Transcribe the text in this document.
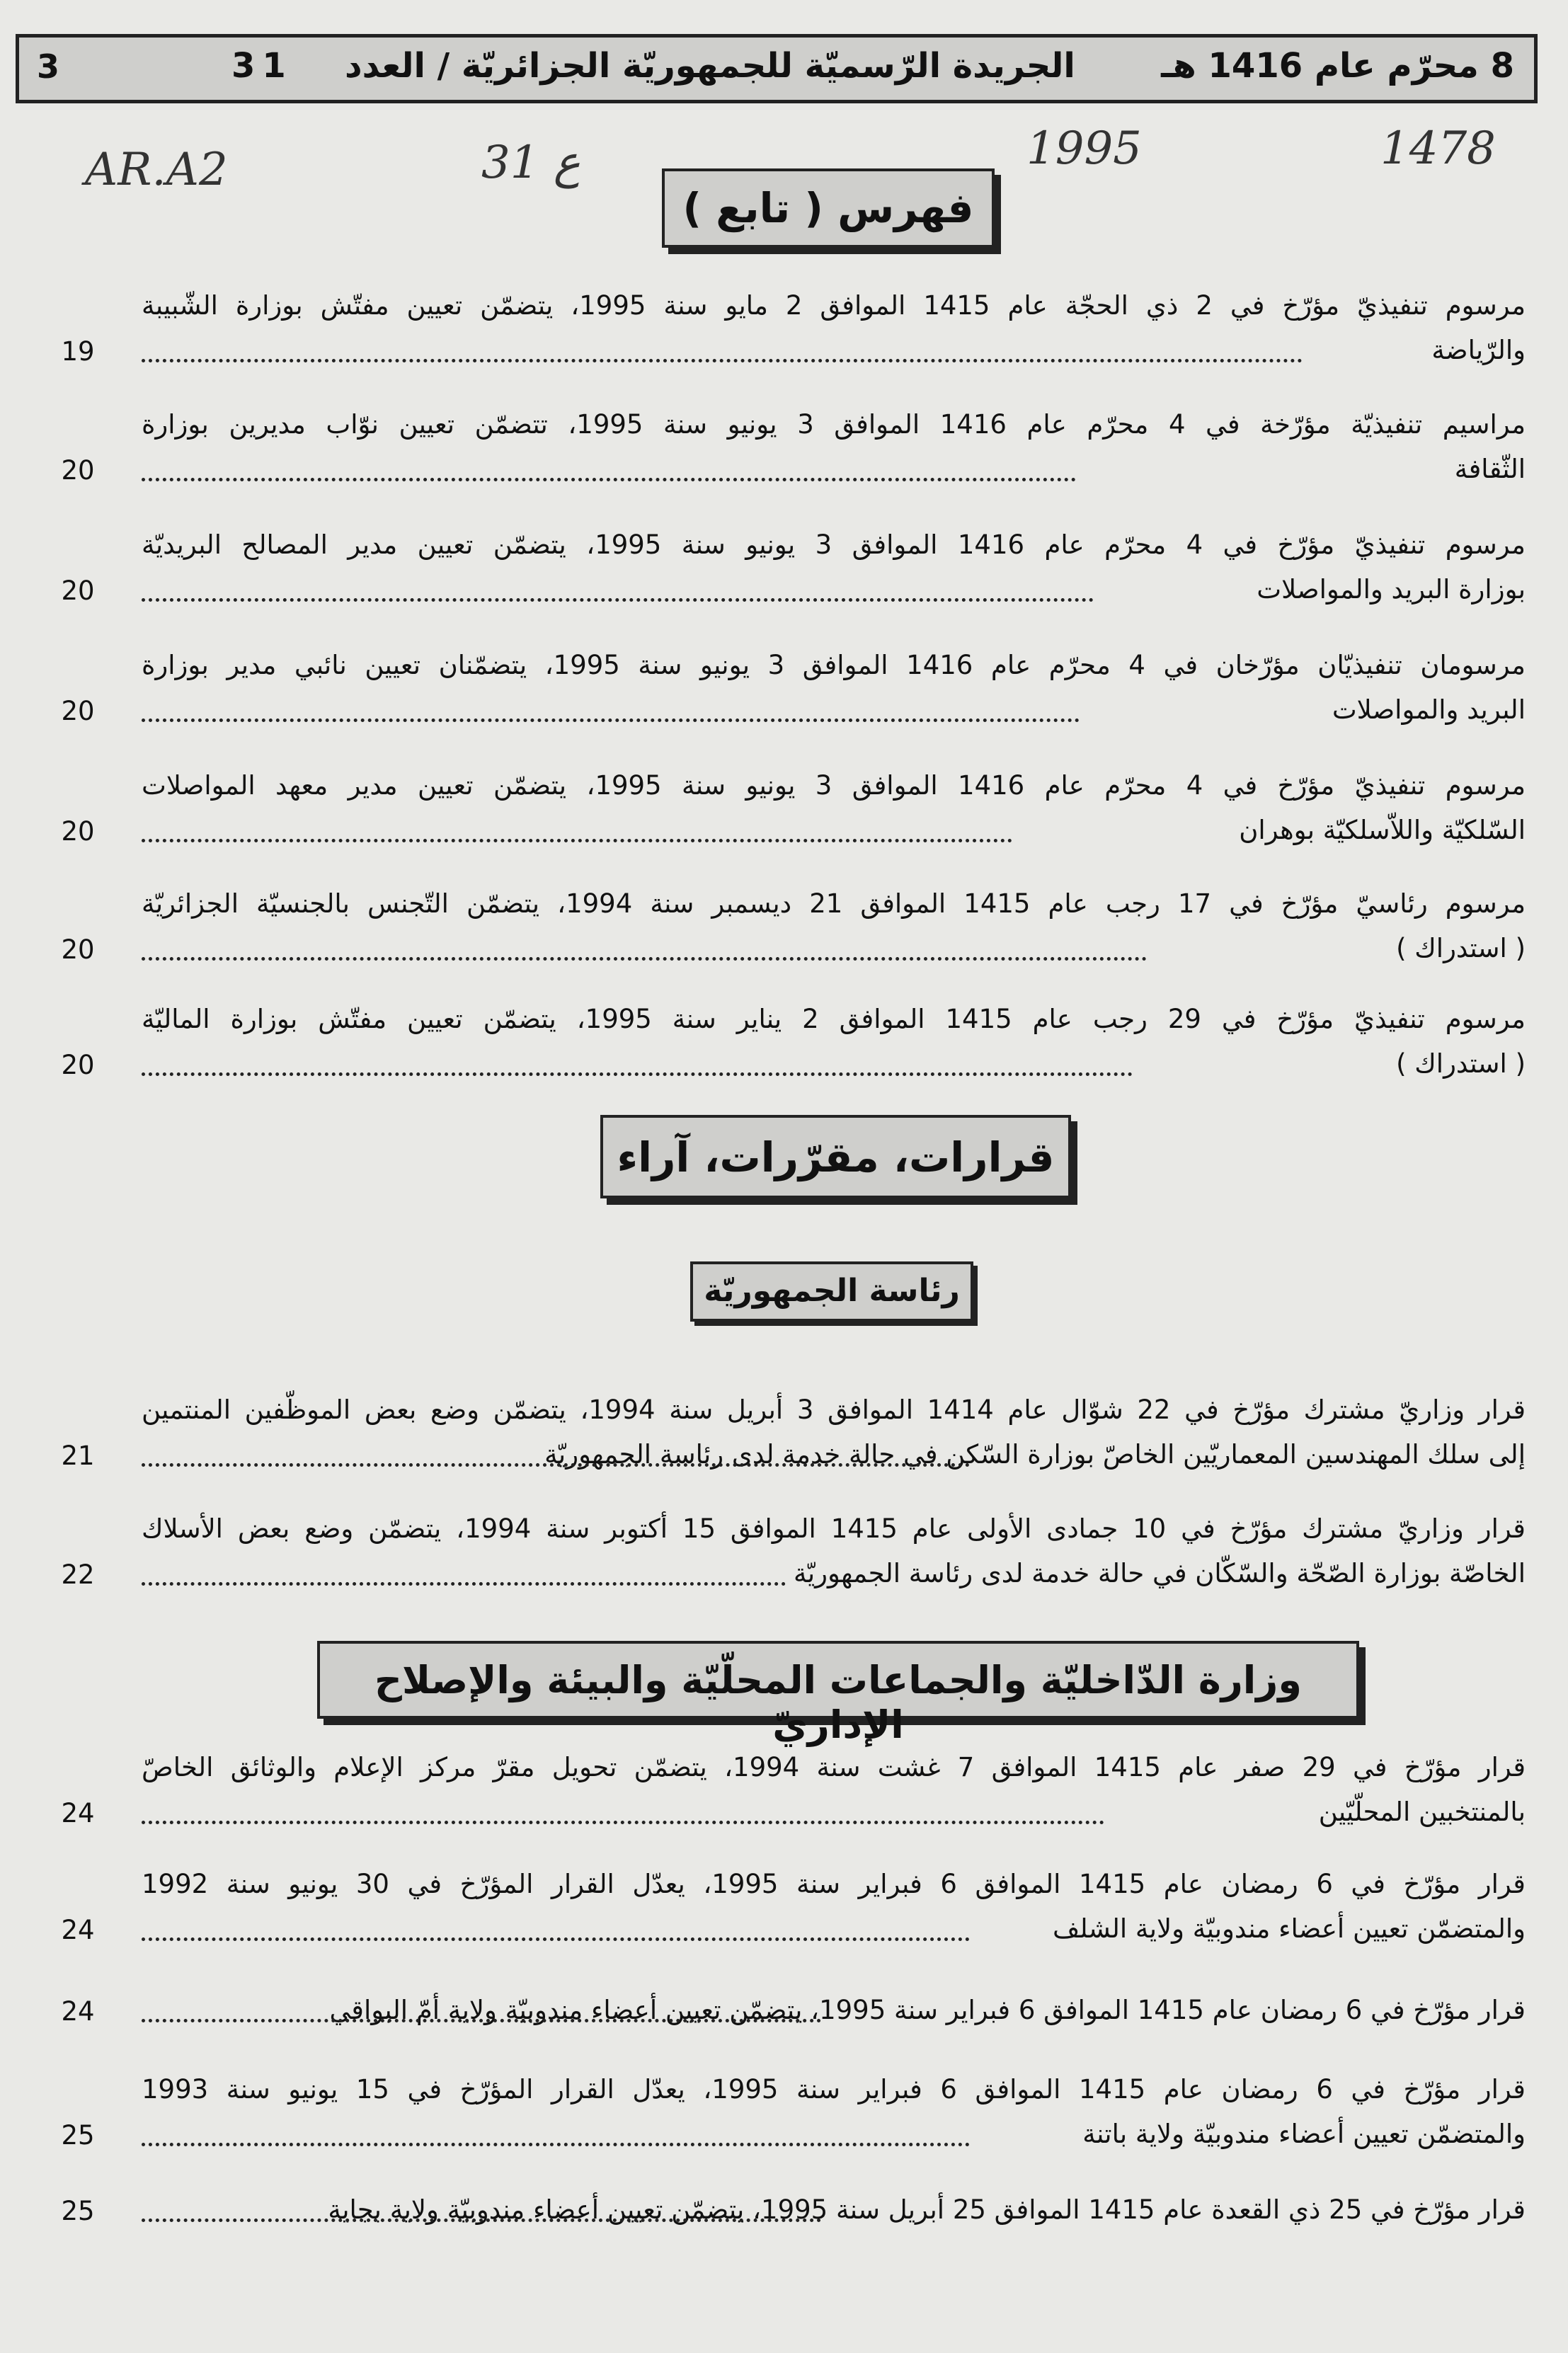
3	31 الجريدة الرّسميّة للجمهوريّة الجزائريّة / العدد	8 محرّم عام 1416 هـ
AR.A2	ع 31	1995	1478
فهرس ( تابع )
قرارات، مقرّرات، آراء
رئاسة الجمهوريّة
وزارة الدّاخليّة والجماعات المحلّيّة والبيئة والإصلاح الإداريّ
مرسوم تنفيذيّ مؤرّخ في 2 ذي الحجّة عام 1415 الموافق 2 مايو سنة 1995، يتضمّن تعيين مفتّش بوزارة الشّبيبة
والرّياضة
19
مراسيم تنفيذيّة مؤرّخة في 4 محرّم عام 1416 الموافق 3 يونيو سنة 1995، تتضمّن تعيين نوّاب مديرين بوزارة
الثّقافة
20
مرسوم تنفيذيّ مؤرّخ في 4 محرّم عام 1416 الموافق 3 يونيو سنة 1995، يتضمّن تعيين مدير المصالح البريديّة
بوزارة البريد والمواصلات
20
مرسومان تنفيذيّان مؤرّخان في 4 محرّم عام 1416 الموافق 3 يونيو سنة 1995، يتضمّنان تعيين نائبي مدير بوزارة
البريد والمواصلات
20
مرسوم تنفيذيّ مؤرّخ في 4 محرّم عام 1416 الموافق 3 يونيو سنة 1995، يتضمّن تعيين مدير معهد المواصلات
السّلكيّة واللاّسلكيّة بوهران
20
مرسوم رئاسيّ مؤرّخ في 17 رجب عام 1415 الموافق 21 ديسمبر سنة 1994، يتضمّن التّجنس بالجنسيّة الجزائريّة
( استدراك )
20
مرسوم تنفيذيّ مؤرّخ في 29 رجب عام 1415 الموافق 2 يناير سنة 1995، يتضمّن تعيين مفتّش بوزارة الماليّة
( استدراك )
20
قرار وزاريّ مشترك مؤرّخ في 22 شوّال عام 1414 الموافق 3 أبريل سنة 1994، يتضمّن وضع بعض الموظّفين المنتمين
إلى سلك المهندسين المعماريّين الخاصّ بوزارة السّكن في حالة خدمة لدى رئاسة الجمهوريّة
21
قرار وزاريّ مشترك مؤرّخ في 10 جمادى الأولى عام 1415 الموافق 15 أكتوبر سنة 1994، يتضمّن وضع بعض الأسلاك
الخاصّة بوزارة الصّحّة والسّكّان في حالة خدمة لدى رئاسة الجمهوريّة
22
قرار مؤرّخ في 29 صفر عام 1415 الموافق 7 غشت سنة 1994، يتضمّن تحويل مقرّ مركز الإعلام والوثائق الخاصّ
بالمنتخبين المحلّيّين
24
قرار مؤرّخ في 6 رمضان عام 1415 الموافق 6 فبراير سنة 1995، يعدّل القرار المؤرّخ في 30 يونيو سنة 1992
والمتضمّن تعيين أعضاء مندوبيّة ولاية الشلف
24
قرار مؤرّخ في 6 رمضان عام 1415 الموافق 6 فبراير سنة 1995، يتضمّن تعيين أعضاء مندوبيّة ولاية أمّ البواقي
24
قرار مؤرّخ في 6 رمضان عام 1415 الموافق 6 فبراير سنة 1995، يعدّل القرار المؤرّخ في 15 يونيو سنة 1993
والمتضمّن تعيين أعضاء مندوبيّة ولاية باتنة
25
قرار مؤرّخ في 25 ذي القعدة عام 1415 الموافق 25 أبريل سنة 1995، يتضمّن تعيين أعضاء مندوبيّة ولاية بجاية
25
